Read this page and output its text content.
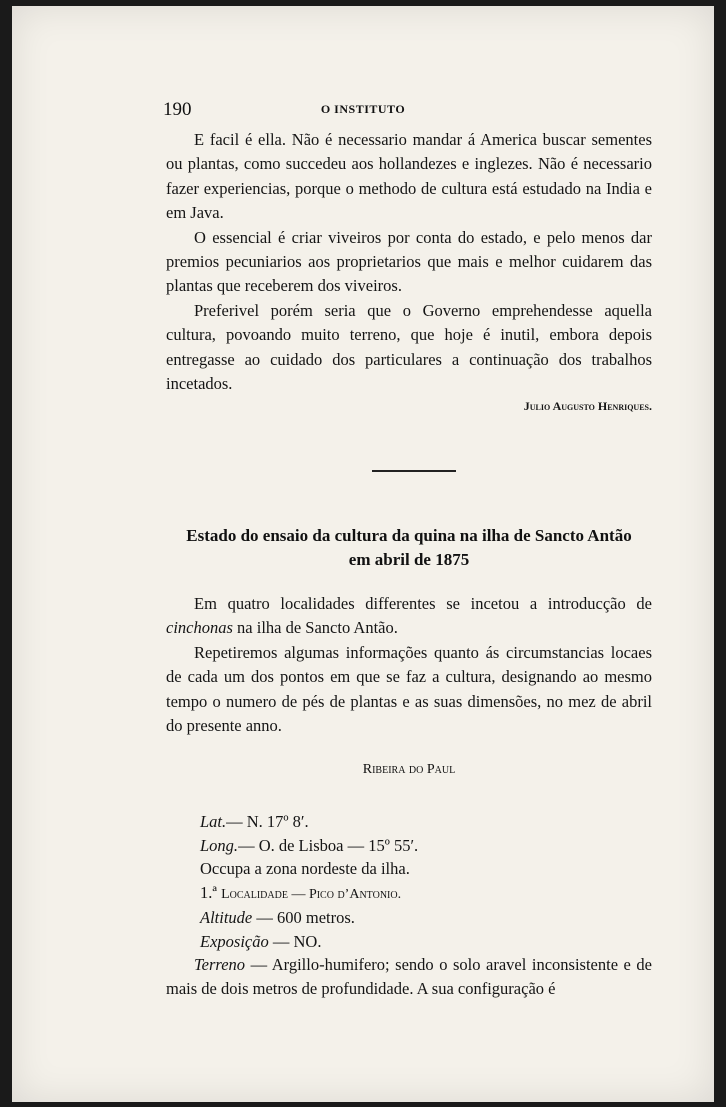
190	O INSTITUTO

E facil é ella. Não é necessario mandar á America buscar sementes ou plantas, como succedeu aos hollandezes e inglezes. Não é necessario fazer experiencias, porque o methodo de cultura está estudado na India e em Java.

O essencial é criar viveiros por conta do estado, e pelo menos dar premios pecuniarios aos proprietarios que mais e melhor cuidarem das plantas que receberem dos viveiros.

Preferivel porém seria que o Governo emprehendesse aquella cultura, povoando muito terreno, que hoje é inutil, embora depois entregasse ao cuidado dos particulares a continuação dos trabalhos incetados.

Julio Augusto Henriques.
Estado do ensaio da cultura da quina na ilha de Sancto Antão
em abril de 1875

Em quatro localidades differentes se incetou a introducção de cinchonas na ilha de Sancto Antão.

Repetiremos algumas informações quanto ás circumstancias locaes de cada um dos pontos em que se faz a cultura, designando ao mesmo tempo o numero de pés de plantas e as suas dimensões, no mez de abril do presente anno.

Ribeira do Paul
Lat.— N. 17º 8′.
Long.— O. de Lisboa — 15º 55′.
Occupa a zona nordeste da ilha.
1.ª Localidade — Pico d’Antonio.
Altitude — 600 metros.
Exposição — NO.

Terreno — Argillo-humifero; sendo o solo aravel inconsistente e de mais de dois metros de profundidade. A sua configuração é
